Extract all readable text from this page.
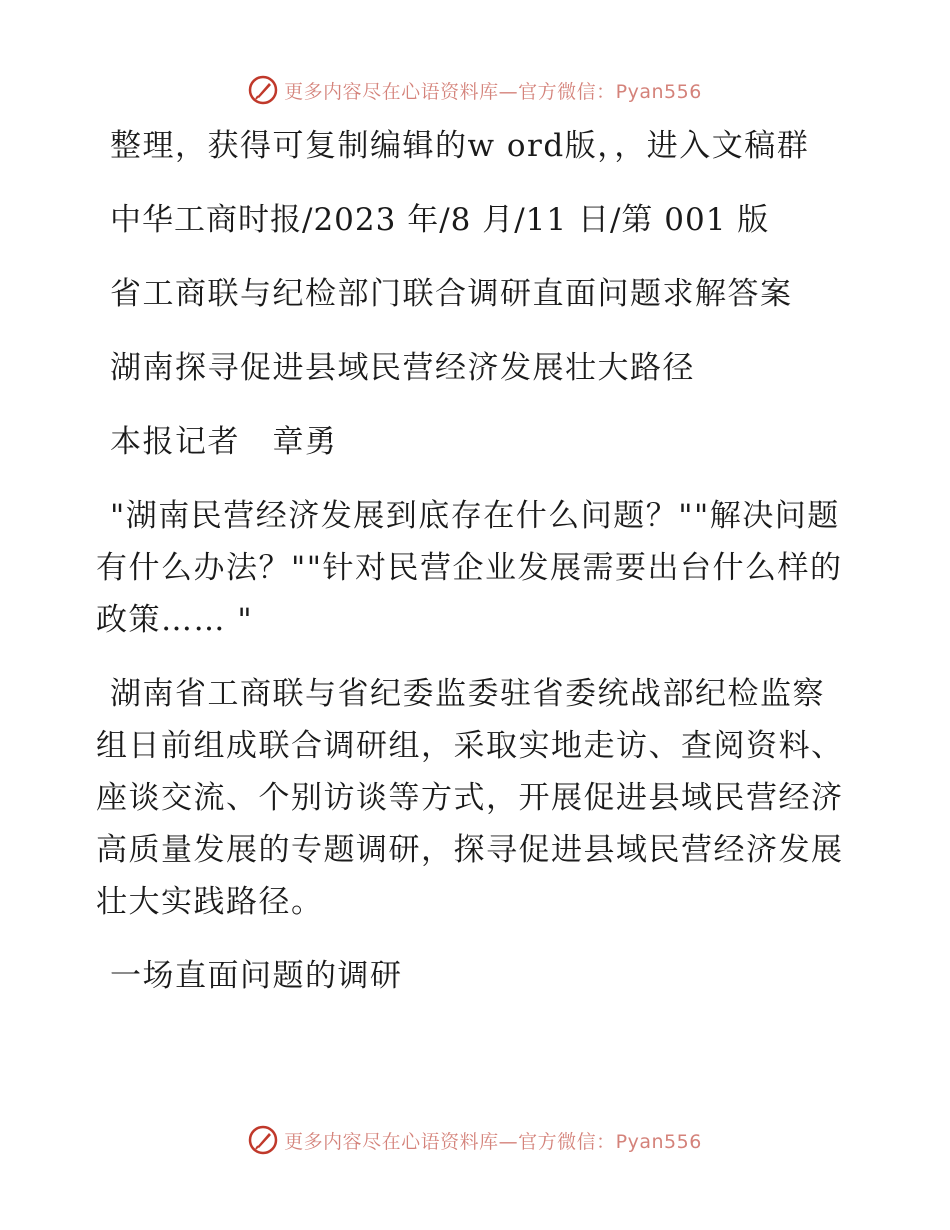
更多内容尽在心语资料库—官方微信：Pyan556

整理，获得可复制编辑的w ord版，，进入文稿群

中华工商时报/2023 年/8 月/11 日/第 001 版

省工商联与纪检部门联合调研直面问题求解答案

湖南探寻促进县域民营经济发展壮大路径

本报记者　章勇

"湖南民营经济发展到底存在什么问题？""解决问题有什么办法？""针对民营企业发展需要出台什么样的政策…… "

湖南省工商联与省纪委监委驻省委统战部纪检监察组日前组成联合调研组，采取实地走访、查阅资料、座谈交流、个别访谈等方式，开展促进县域民营经济高质量发展的专题调研，探寻促进县域民营经济发展壮大实践路径。

一场直面问题的调研

更多内容尽在心语资料库—官方微信：Pyan556
